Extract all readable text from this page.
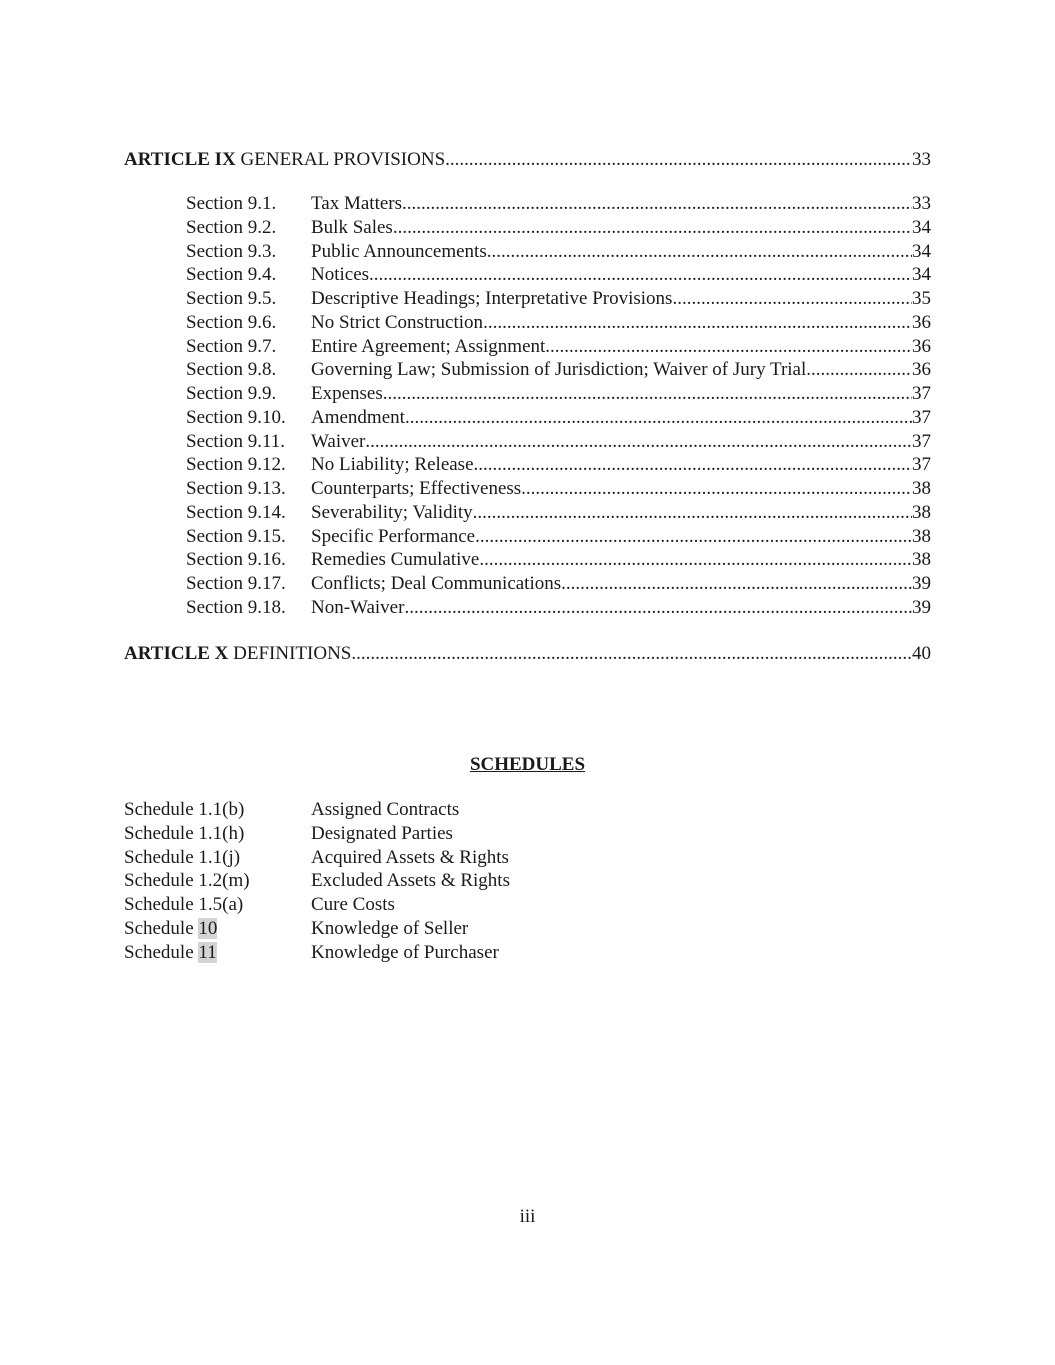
ARTICLE IX GENERAL PROVISIONS .....	33
Section 9.1.	Tax Matters .....	33
Section 9.2.	Bulk Sales .....	34
Section 9.3.	Public Announcements .....	34
Section 9.4.	Notices .....	34
Section 9.5.	Descriptive Headings; Interpretative Provisions .....	35
Section 9.6.	No Strict Construction .....	36
Section 9.7.	Entire Agreement; Assignment .....	36
Section 9.8.	Governing Law; Submission of Jurisdiction; Waiver of Jury Trial .....	36
Section 9.9.	Expenses .....	37
Section 9.10.	Amendment .....	37
Section 9.11.	Waiver .....	37
Section 9.12.	No Liability; Release .....	37
Section 9.13.	Counterparts; Effectiveness .....	38
Section 9.14.	Severability; Validity .....	38
Section 9.15.	Specific Performance .....	38
Section 9.16.	Remedies Cumulative .....	38
Section 9.17.	Conflicts; Deal Communications .....	39
Section 9.18.	Non-Waiver .....	39
ARTICLE X DEFINITIONS .....	40
SCHEDULES
Schedule 1.1(b)	Assigned Contracts
Schedule 1.1(h)	Designated Parties
Schedule 1.1(j)	Acquired Assets & Rights
Schedule 1.2(m)	Excluded Assets & Rights
Schedule 1.5(a)	Cure Costs
Schedule 10	Knowledge of Seller
Schedule 11	Knowledge of Purchaser
iii
